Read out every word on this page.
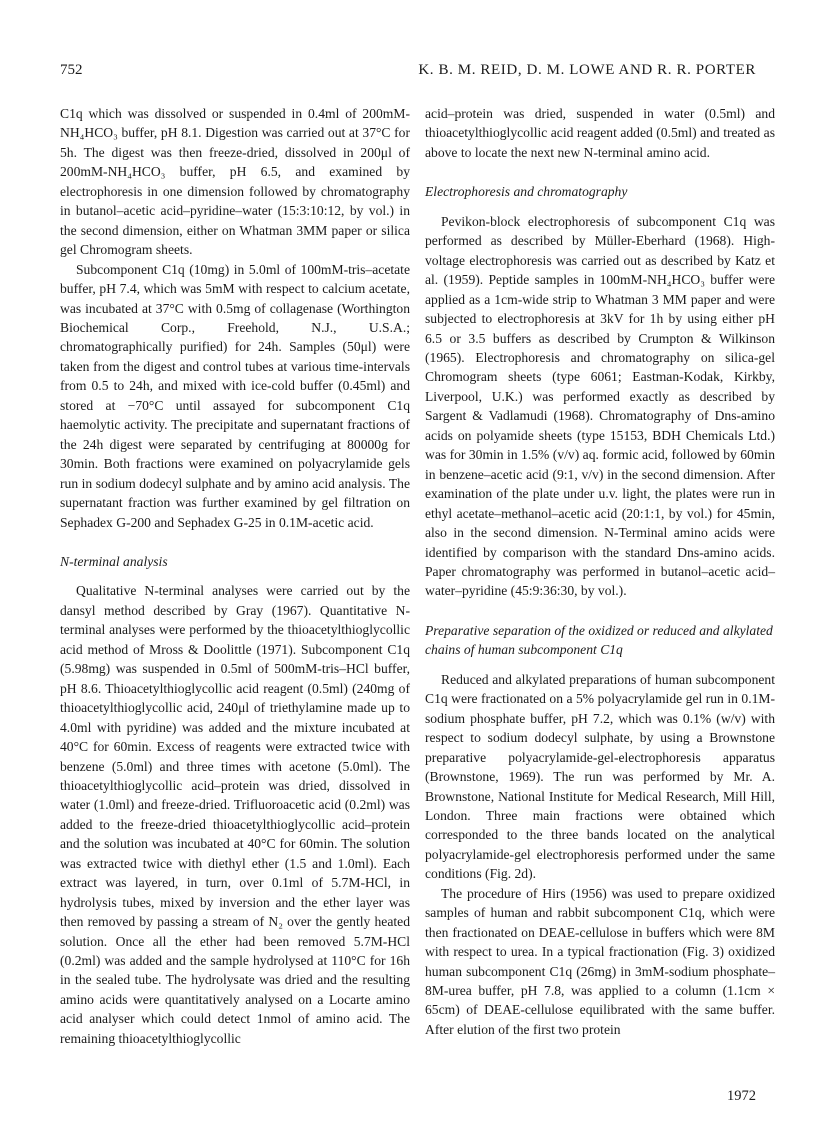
752	K. B. M. REID, D. M. LOWE AND R. R. PORTER

C1q which was dissolved or suspended in 0.4ml of 200mM-NH₄HCO₃ buffer, pH 8.1. Digestion was carried out at 37°C for 5h. The digest was then freeze-dried, dissolved in 200μl of 200mM-NH₄HCO₃ buffer, pH 6.5, and examined by electrophoresis in one dimension followed by chromatography in butanol–acetic acid–pyridine–water (15:3:10:12, by vol.) in the second dimension, either on Whatman 3MM paper or silica gel Chromogram sheets.

Subcomponent C1q (10mg) in 5.0ml of 100mM-tris–acetate buffer, pH 7.4, which was 5mM with respect to calcium acetate, was incubated at 37°C with 0.5mg of collagenase (Worthington Biochemical Corp., Freehold, N.J., U.S.A.; chromatographically purified) for 24h. Samples (50μl) were taken from the digest and control tubes at various time-intervals from 0.5 to 24h, and mixed with ice-cold buffer (0.45ml) and stored at −70°C until assayed for subcomponent C1q haemolytic activity. The precipitate and supernatant fractions of the 24h digest were separated by centrifuging at 80000g for 30min. Both fractions were examined on polyacrylamide gels run in sodium dodecyl sulphate and by amino acid analysis. The supernatant fraction was further examined by gel filtration on Sephadex G-200 and Sephadex G-25 in 0.1M-acetic acid.

N-terminal analysis

Qualitative N-terminal analyses were carried out by the dansyl method described by Gray (1967). Quantitative N-terminal analyses were performed by the thioacetylthioglycollic acid method of Mross & Doolittle (1971). Subcomponent C1q (5.98mg) was suspended in 0.5ml of 500mM-tris–HCl buffer, pH 8.6. Thioacetylthioglycollic acid reagent (0.5ml) (240mg of thioacetylthioglycollic acid, 240μl of triethylamine made up to 4.0ml with pyridine) was added and the mixture incubated at 40°C for 60min. Excess of reagents were extracted twice with benzene (5.0ml) and three times with acetone (5.0ml). The thioacetylthioglycollic acid–protein was dried, dissolved in water (1.0ml) and freeze-dried. Trifluoroacetic acid (0.2ml) was added to the freeze-dried thioacetylthioglycollic acid–protein and the solution was incubated at 40°C for 60min. The solution was extracted twice with diethyl ether (1.5 and 1.0ml). Each extract was layered, in turn, over 0.1ml of 5.7M-HCl, in hydrolysis tubes, mixed by inversion and the ether layer was then removed by passing a stream of N₂ over the gently heated solution. Once all the ether had been removed 5.7M-HCl (0.2ml) was added and the sample hydrolysed at 110°C for 16h in the sealed tube. The hydrolysate was dried and the resulting amino acids were quantitatively analysed on a Locarte amino acid analyser which could detect 1nmol of amino acid. The remaining thioacetylthioglycollic

acid–protein was dried, suspended in water (0.5ml) and thioacetylthioglycollic acid reagent added (0.5ml) and treated as above to locate the next new N-terminal amino acid.

Electrophoresis and chromatography

Pevikon-block electrophoresis of subcomponent C1q was performed as described by Müller-Eberhard (1968). High-voltage electrophoresis was carried out as described by Katz et al. (1959). Peptide samples in 100mM-NH₄HCO₃ buffer were applied as a 1cm-wide strip to Whatman 3 MM paper and were subjected to electrophoresis at 3kV for 1h by using either pH 6.5 or 3.5 buffers as described by Crumpton & Wilkinson (1965). Electrophoresis and chromatography on silica-gel Chromogram sheets (type 6061; Eastman-Kodak, Kirkby, Liverpool, U.K.) was performed exactly as described by Sargent & Vadlamudi (1968). Chromatography of Dns-amino acids on polyamide sheets (type 15153, BDH Chemicals Ltd.) was for 30min in 1.5% (v/v) aq. formic acid, followed by 60min in benzene–acetic acid (9:1, v/v) in the second dimension. After examination of the plate under u.v. light, the plates were run in ethyl acetate–methanol–acetic acid (20:1:1, by vol.) for 45min, also in the second dimension. N-Terminal amino acids were identified by comparison with the standard Dns-amino acids. Paper chromatography was performed in butanol–acetic acid–water–pyridine (45:9:36:30, by vol.).

Preparative separation of the oxidized or reduced and alkylated chains of human subcomponent C1q

Reduced and alkylated preparations of human subcomponent C1q were fractionated on a 5% polyacrylamide gel run in 0.1M-sodium phosphate buffer, pH 7.2, which was 0.1% (w/v) with respect to sodium dodecyl sulphate, by using a Brownstone preparative polyacrylamide-gel-electrophoresis apparatus (Brownstone, 1969). The run was performed by Mr. A. Brownstone, National Institute for Medical Research, Mill Hill, London. Three main fractions were obtained which corresponded to the three bands located on the analytical polyacrylamide-gel electrophoresis performed under the same conditions (Fig. 2d).

The procedure of Hirs (1956) was used to prepare oxidized samples of human and rabbit subcomponent C1q, which were then fractionated on DEAE-cellulose in buffers which were 8M with respect to urea. In a typical fractionation (Fig. 3) oxidized human subcomponent C1q (26mg) in 3mM-sodium phosphate–8M-urea buffer, pH 7.8, was applied to a column (1.1cm × 65cm) of DEAE-cellulose equilibrated with the same buffer. After elution of the first two protein

1972
